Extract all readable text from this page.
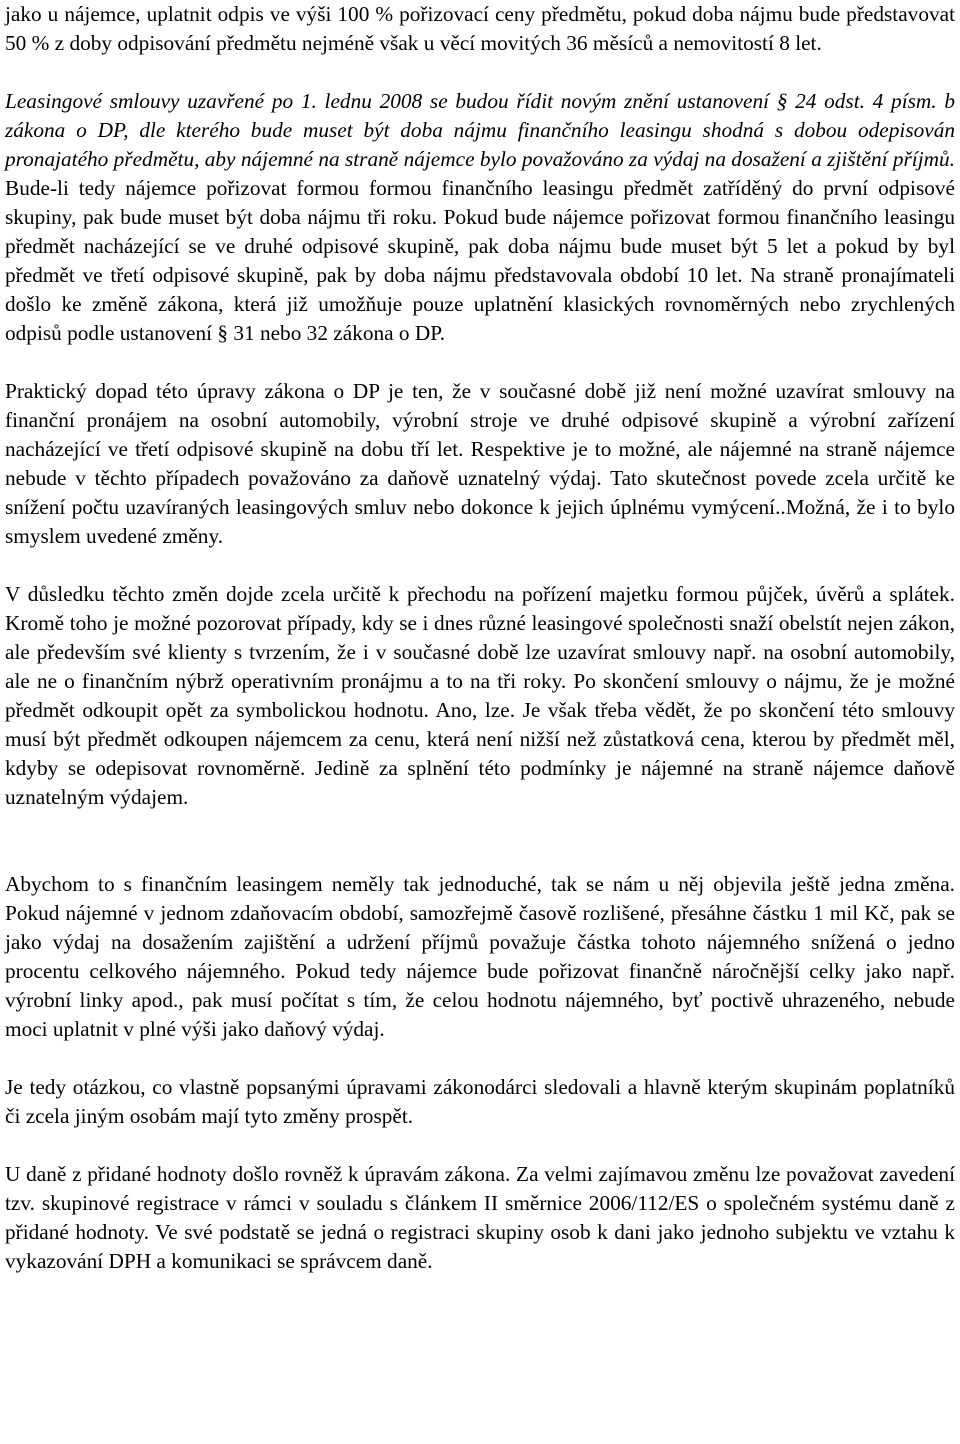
jako u nájemce, uplatnit odpis ve výši 100 % pořizovací ceny předmětu, pokud doba nájmu bude představovat 50 % z doby odpisování předmětu nejméně však u věcí movitých 36 měsíců a nemovitostí 8 let.

Leasingové smlouvy uzavřené po 1. lednu 2008 se budou řídit novým znění ustanovení § 24 odst. 4 písm. b zákona o DP, dle kterého bude muset být doba nájmu finančního leasingu shodná s dobou odepisován pronajatého předmětu, aby nájemné na straně nájemce bylo považováno za výdaj na dosažení a zjištění příjmů. Bude-li tedy nájemce pořizovat formou formou finančního leasingu předmět zatříděný do první odpisové skupiny, pak bude muset být doba nájmu tři roku. Pokud bude nájemce pořizovat formou finančního leasingu předmět nacházející se ve druhé odpisové skupině, pak doba nájmu bude muset být 5 let a pokud by byl předmět ve třetí odpisové skupině, pak by doba nájmu představovala období 10 let. Na straně pronajímateli došlo ke změně zákona, která již umožňuje pouze uplatnění klasických rovnoměrných nebo zrychlených odpisů podle ustanovení § 31 nebo 32 zákona o DP.

Praktický dopad této úpravy zákona o DP je ten, že v současné době již není možné uzavírat smlouvy na finanční pronájem na osobní automobily, výrobní stroje ve druhé odpisové skupině a výrobní zařízení nacházející ve třetí odpisové skupině na dobu tří let. Respektive je to možné, ale nájemné na straně nájemce nebude v těchto případech považováno za daňově uznatelný výdaj. Tato skutečnost povede zcela určitě ke snížení počtu uzavíraných leasingových smluv nebo dokonce k jejich úplnému vymýcení..Možná, že i to bylo smyslem uvedené změny.

V důsledku těchto změn dojde zcela určitě k přechodu na pořízení majetku formou půjček, úvěrů a splátek. Kromě toho je možné pozorovat případy, kdy se i dnes různé leasingové společnosti snaží obelstít nejen zákon, ale především své klienty s tvrzením, že i v současné době lze uzavírat smlouvy např. na osobní automobily, ale ne o finančním nýbrž operativním pronájmu a to na tři roky. Po skončení smlouvy o nájmu, že je možné předmět odkoupit opět za symbolickou hodnotu. Ano, lze. Je však třeba vědět, že po skončení této smlouvy musí být předmět odkoupen nájemcem za cenu, která není nižší než zůstatková cena, kterou by předmět měl, kdyby se odepisovat rovnoměrně. Jedině za splnění této podmínky je nájemné na straně nájemce daňově uznatelným výdajem.

Abychom to s finančním leasingem neměly tak jednoduché, tak se nám u něj objevila ještě jedna změna. Pokud nájemné v jednom zdaňovacím období, samozřejmě časově rozlišené, přesáhne částku 1 mil Kč, pak se jako výdaj na dosažením zajištění a udržení příjmů považuje částka tohoto nájemného snížená o jedno procentu celkového nájemného. Pokud tedy nájemce bude pořizovat finančně náročnější celky jako např. výrobní linky apod., pak musí počítat s tím, že celou hodnotu nájemného, byť poctivě uhrazeného, nebude moci uplatnit v plné výši jako daňový výdaj.

Je tedy otázkou, co vlastně popsanými úpravami zákonodárci sledovali a hlavně kterým skupinám poplatníků či zcela jiným osobám mají tyto změny prospět.

U daně z přidané hodnoty došlo rovněž k úpravám zákona. Za velmi zajímavou změnu lze považovat zavedení tzv. skupinové registrace v rámci v souladu s článkem II směrnice 2006/112/ES o společném systému daně z přidané hodnoty. Ve své podstatě se jedná o registraci skupiny osob k dani jako jednoho subjektu ve vztahu k vykazování DPH a komunikaci se správcem daně.
